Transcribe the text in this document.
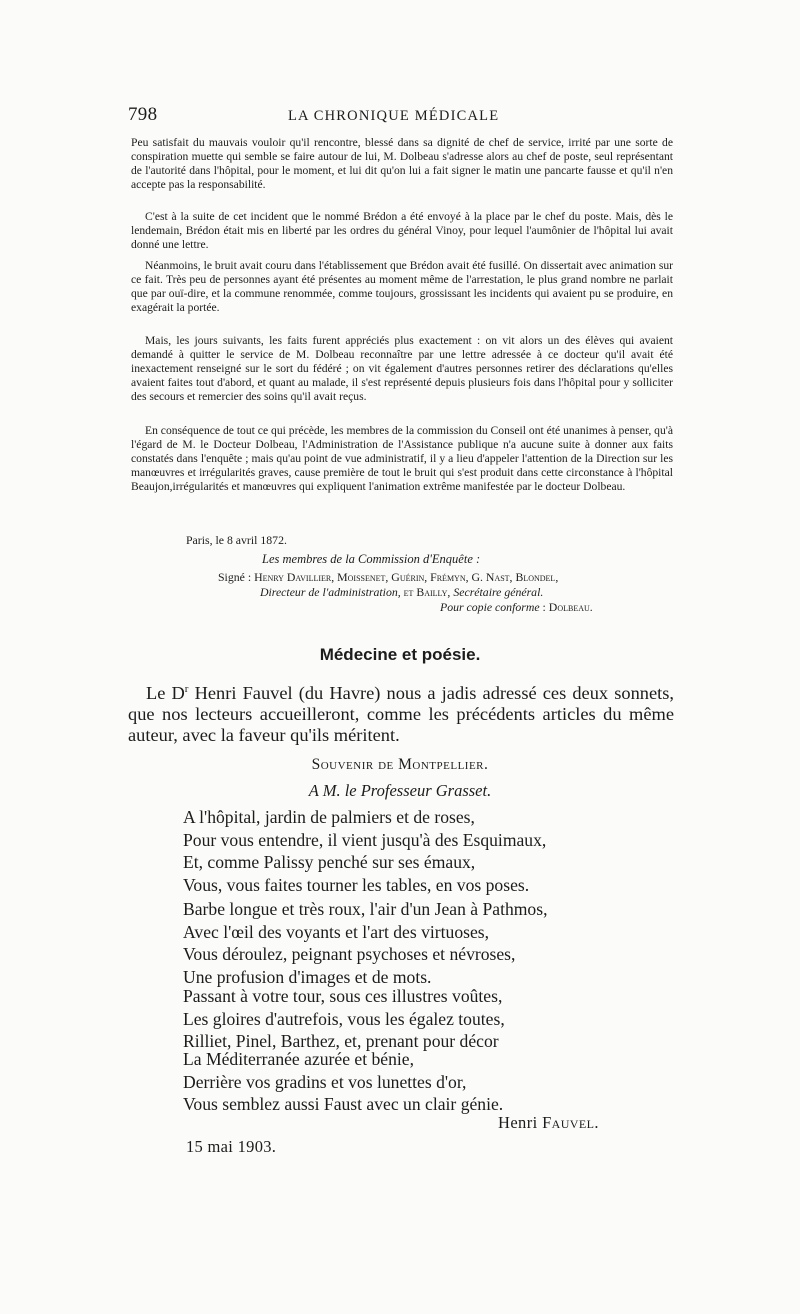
798	LA CHRONIQUE MÉDICALE

Peu satisfait du mauvais vouloir qu'il rencontre, blessé dans sa dignité de chef de service, irrité par une sorte de conspiration muette qui semble se faire autour de lui, M. Dolbeau s'adresse alors au chef de poste, seul représentant de l'autorité dans l'hôpital, pour le moment, et lui dit qu'on lui a fait signer le matin une pancarte fausse et qu'il n'en accepte pas la responsabilité.

C'est à la suite de cet incident que le nommé Brédon a été envoyé à la place par le chef du poste. Mais, dès le lendemain, Brédon était mis en liberté par les ordres du général Vinoy, pour lequel l'aumônier de l'hôpital lui avait donné une lettre.

Néanmoins, le bruit avait couru dans l'établissement que Brédon avait été fusillé. On dissertait avec animation sur ce fait. Très peu de personnes ayant été présentes au moment même de l'arrestation, le plus grand nombre ne parlait que par ouï-dire, et la commune renommée, comme toujours, grossissant les incidents qui avaient pu se produire, en exagérait la portée.

Mais, les jours suivants, les faits furent appréciés plus exactement : on vit alors un des élèves qui avaient demandé à quitter le service de M. Dolbeau reconnaître par une lettre adressée à ce docteur qu'il avait été inexactement renseigné sur le sort du fédéré ; on vit également d'autres personnes retirer des déclarations qu'elles avaient faites tout d'abord, et quant au malade, il s'est représenté depuis plusieurs fois dans l'hôpital pour y solliciter des secours et remercier des soins qu'il avait reçus.

En conséquence de tout ce qui précède, les membres de la commission du Conseil ont été unanimes à penser, qu'à l'égard de M. le Docteur Dolbeau, l'Administration de l'Assistance publique n'a aucune suite à donner aux faits constatés dans l'enquête ; mais qu'au point de vue administratif, il y a lieu d'appeler l'attention de la Direction sur les manœuvres et irrégularités graves, cause première de tout le bruit qui s'est produit dans cette circonstance à l'hôpital Beaujon,irrégularités et manœuvres qui expliquent l'animation extrême manifestée par le docteur Dolbeau.

Paris, le 8 avril 1872.
Les membres de la Commission d'Enquête :
Signé : Henry Davillier, Moissenet, Guérin, Frémyn, G. Nast, Blondel,
Directeur de l'administration, et Bailly, Secrétaire général.
Pour copie conforme : Dolbeau.
Médecine et poésie.
Le $D^r$ Henri Fauvel (du Havre) nous a jadis adressé ces deux sonnets, que nos lecteurs accueilleront, comme les précédents articles du même auteur, avec la faveur qu'ils méritent.
Souvenir de Montpellier.
A M. le Professeur Grasset.
A l'hôpital, jardin de palmiers et de roses,
Pour vous entendre, il vient jusqu'à des Esquimaux,
Et, comme Palissy penché sur ses émaux,
Vous, vous faites tourner les tables, en vos poses.
Barbe longue et très roux, l'air d'un Jean à Pathmos,
Avec l'œil des voyants et l'art des virtuoses,
Vous déroulez, peignant psychoses et névroses,
Une profusion d'images et de mots.
Passant à votre tour, sous ces illustres voûtes,
Les gloires d'autrefois, vous les égalez toutes,
Rilliet, Pinel, Barthez, et, prenant pour décor
La Méditerranée azurée et bénie,
Derrière vos gradins et vos lunettes d'or,
Vous semblez aussi Faust avec un clair génie.
Henri Fauvel.
15 mai 1903.
